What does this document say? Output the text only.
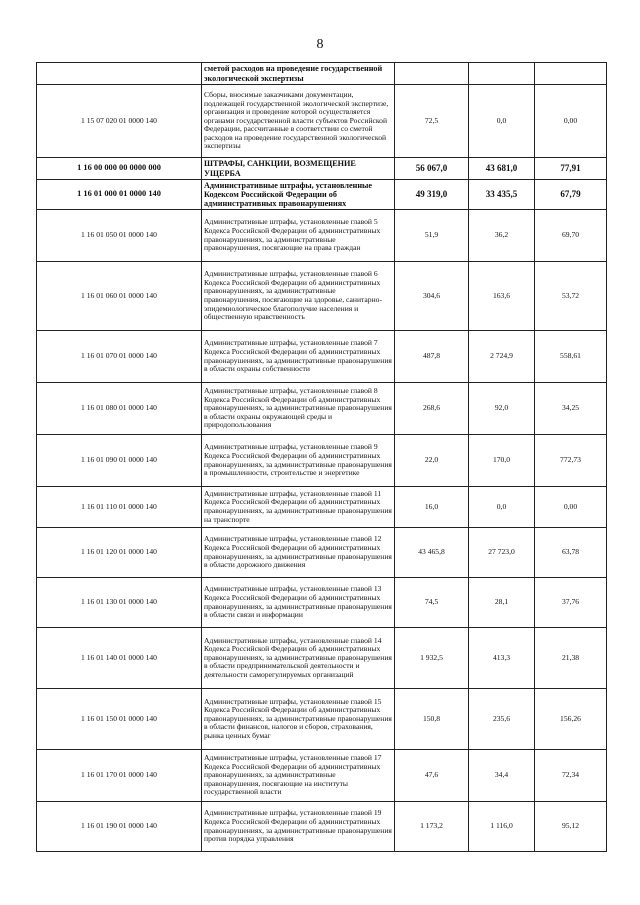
8
	сметой расходов на проведение государственной экологической экспертизы			
1 15 07 020 01 0000 140	Сборы, вносимые заказчиками документации, подлежащей государственной экологической экспертизе, организация и проведение которой осуществляется органами государственной власти субъектов Российской Федерации, рассчитанные в соответствии со сметой расходов на проведение государственной экологической экспертизы	72,5	0,0	0,00
1 16 00 000 00 0000 000	ШТРАФЫ, САНКЦИИ, ВОЗМЕЩЕНИЕ УЩЕРБА	56 067,0	43 681,0	77,91
1 16 01 000 01 0000 140	Административные штрафы, установленные Кодексом Российской Федерации об административных правонарушениях	49 319,0	33 435,5	67,79
1 16 01 050 01 0000 140	Административные штрафы, установленные главой 5 Кодекса Российской Федерации об административных правонарушениях, за административные правонарушения, посягающие на права граждан	51,9	36,2	69,70
1 16 01 060 01 0000 140	Административные штрафы, установленные главой 6 Кодекса Российской Федерации об административных правонарушениях, за административные правонарушения, посягающие на здоровье, санитарно-эпидемиологическое благополучие населения и общественную нравственность	304,6	163,6	53,72
1 16 01 070 01 0000 140	Административные штрафы, установленные главой 7 Кодекса Российской Федерации об административных правонарушениях, за административные правонарушения в области охраны собственности	487,8	2 724,9	558,61
1 16 01 080 01 0000 140	Административные штрафы, установленные главой 8 Кодекса Российской Федерации об административных правонарушениях, за административные правонарушения в области охраны окружающей среды и природопользования	268,6	92,0	34,25
1 16 01 090 01 0000 140	Административные штрафы, установленные главой 9 Кодекса Российской Федерации об административных правонарушениях, за административные правонарушения в промышленности, строительстве и энергетике	22,0	170,0	772,73
1 16 01 110 01 0000 140	Административные штрафы, установленные главой 11 Кодекса Российской Федерации об административных правонарушениях, за административные правонарушения на транспорте	16,0	0,0	0,00
1 16 01 120 01 0000 140	Административные штрафы, установленные главой 12 Кодекса Российской Федерации об административных правонарушениях, за административные правонарушения в области дорожного движения	43 465,8	27 723,0	63,78
1 16 01 130 01 0000 140	Административные штрафы, установленные главой 13 Кодекса Российской Федерации об административных правонарушениях, за административные правонарушения в области связи и информации	74,5	28,1	37,76
1 16 01 140 01 0000 140	Административные штрафы, установленные главой 14 Кодекса Российской Федерации об административных правонарушениях, за административные правонарушения в области предпринимательской деятельности и деятельности саморегулируемых организаций	1 932,5	413,3	21,38
1 16 01 150 01 0000 140	Административные штрафы, установленные главой 15 Кодекса Российской Федерации об административных правонарушениях, за административные правонарушения в области финансов, налогов и сборов, страхования, рынка ценных бумаг	150,8	235,6	156,26
1 16 01 170 01 0000 140	Административные штрафы, установленные главой 17 Кодекса Российской Федерации об административных правонарушениях, за административные правонарушения, посягающие на институты государственной власти	47,6	34,4	72,34
1 16 01 190 01 0000 140	Административные штрафы, установленные главой 19 Кодекса Российской Федерации об административных правонарушениях, за административные правонарушения против порядка управления	1 173,2	1 116,0	95,12
